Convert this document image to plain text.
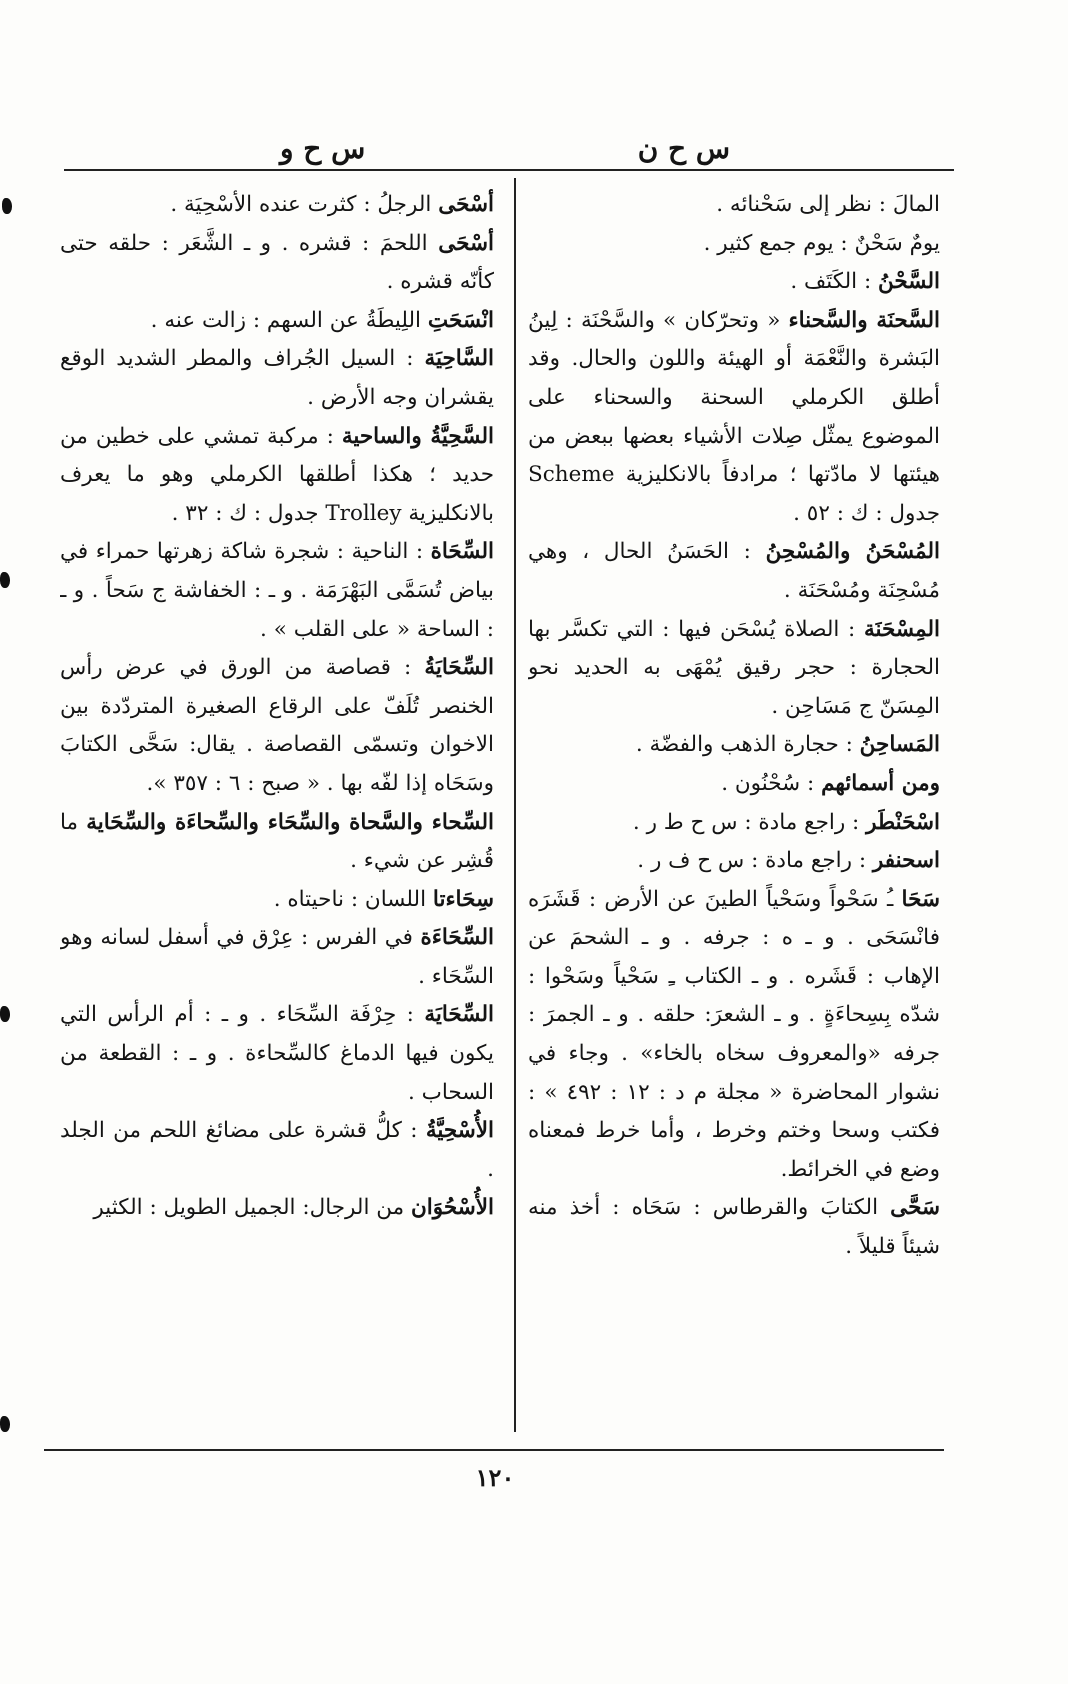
س ح ن
س ح و

المالَ : نظر إلى سَحْنائه .

يومٌ سَحْنٌ : يوم جمع كثير .

السَّحْنُ : الكَتَف .

السَّحنَة والسَّحناء « وتحرّكان » والسَّحْنَة : لِينُ البَشرة والنَّعْمَة أو الهيئة واللون والحال. وقد أطلق الكرملي السحنة والسحناء على الموضوع يمثّل صِلات الأشياء بعضها ببعض من هيئتها لا مادّتها ؛ مرادفاً بالانكليزية Scheme جدول : ك : ٥٢ .

المُسْحَنُ والمُسْحِنُ : الحَسَنُ الحال ، وهي مُسْحِنَة ومُسْحَنَة .

المِسْحَنَة : الصلاة يُسْحَن فيها : التي تكسَّر بها الحجارة : حجر رقيق يُمْهَى به الحديد نحو المِسَنّ ج مَسَاحِن .

المَساحِنُ : حجارة الذهب والفضّة .

ومن أسمائهم : سُحْنُون .

اسْحَنْطَر : راجع مادة : س ح ط ر .

اسحنفر : راجع مادة : س ح ف ر .

سَحَا ـُ سَحْواً وسَحْياً الطينَ عن الأرض : قَشَرَه فانْسَحَى . و ـ ه : جرفه . و ـ الشحمَ عن الإهاب : قَشَره . و ـ الكتاب ـِ سَحْياً وسَحْوا : شدّه بِسِحاءَةٍ . و ـ الشعرَ: حلقه . و ـ الجمرَ : جرفه «والمعروف سخاه بالخاء» . وجاء في نشوار المحاضرة « مجلة م د : ١٢ : ٤٩٢ » : فكتب وسحا وختم وخرط ، وأما خرط فمعناه وضع في الخرائط.

سَحَّى الكتابَ والقرطاس : سَحَاه : أخذ منه شيئاً قليلاً .

أسْحَى الرجلُ : كثرت عنده الأسْحِيَة .

أسْحَى اللحمَ : قشره . و ـ الشَّعَر : حلقه حتى كأنّه قشره .

انْسَحَتِ اللِيطَةُ عن السهم : زالت عنه .

السَّاحِيَة : السيل الجُراف والمطر الشديد الوقع يقشران وجه الأرض .

السَّحِيَّةُ والساحية : مركبة تمشي على خطين من حديد ؛ هكذا أطلقها الكرملي وهو ما يعرف بالانكليزية Trolley جدول : ك : ٣٢ .

السِّحَاة : الناحية : شجرة شاكة زهرتها حمراء في بياض تُسَمَّى البَهْرَمَة . و ـ : الخفاشة ج سَحاً . و ـ : الساحة « على القلب » .

السِّحَايَةُ : قصاصة من الورق في عرض رأس الخنصر تُلَفّ على الرقاع الصغيرة المتردّدة بين الاخوان وتسمّى القصاصة . يقال: سَحَّى الكتابَ وسَحَاه إذا لفّه بها . « صبح : ٦ : ٣٥٧ ».

السِّحاء والسَّحاة والسِّحَاء والسِّحاءَة والسِّحَاية ما قُشِر عن شيء .

سِحَاءتا اللسان : ناحيتاه .

السِّحَاءَة في الفرس : عِرْق في أسفل لسانه وهو السِّحَاء .

السِّحَايَة : حِرْفَة السِّحَاء . و ـ : أم الرأس التي يكون فيها الدماغ كالسِّحاءة . و ـ : القطعة من السحاب .

الأُسْحِيَّةُ : كلُّ قشرة على مضائغ اللحم من الجلد .

الأُسْحُوَان من الرجال: الجميل الطويل : الكثير

١٢٠
